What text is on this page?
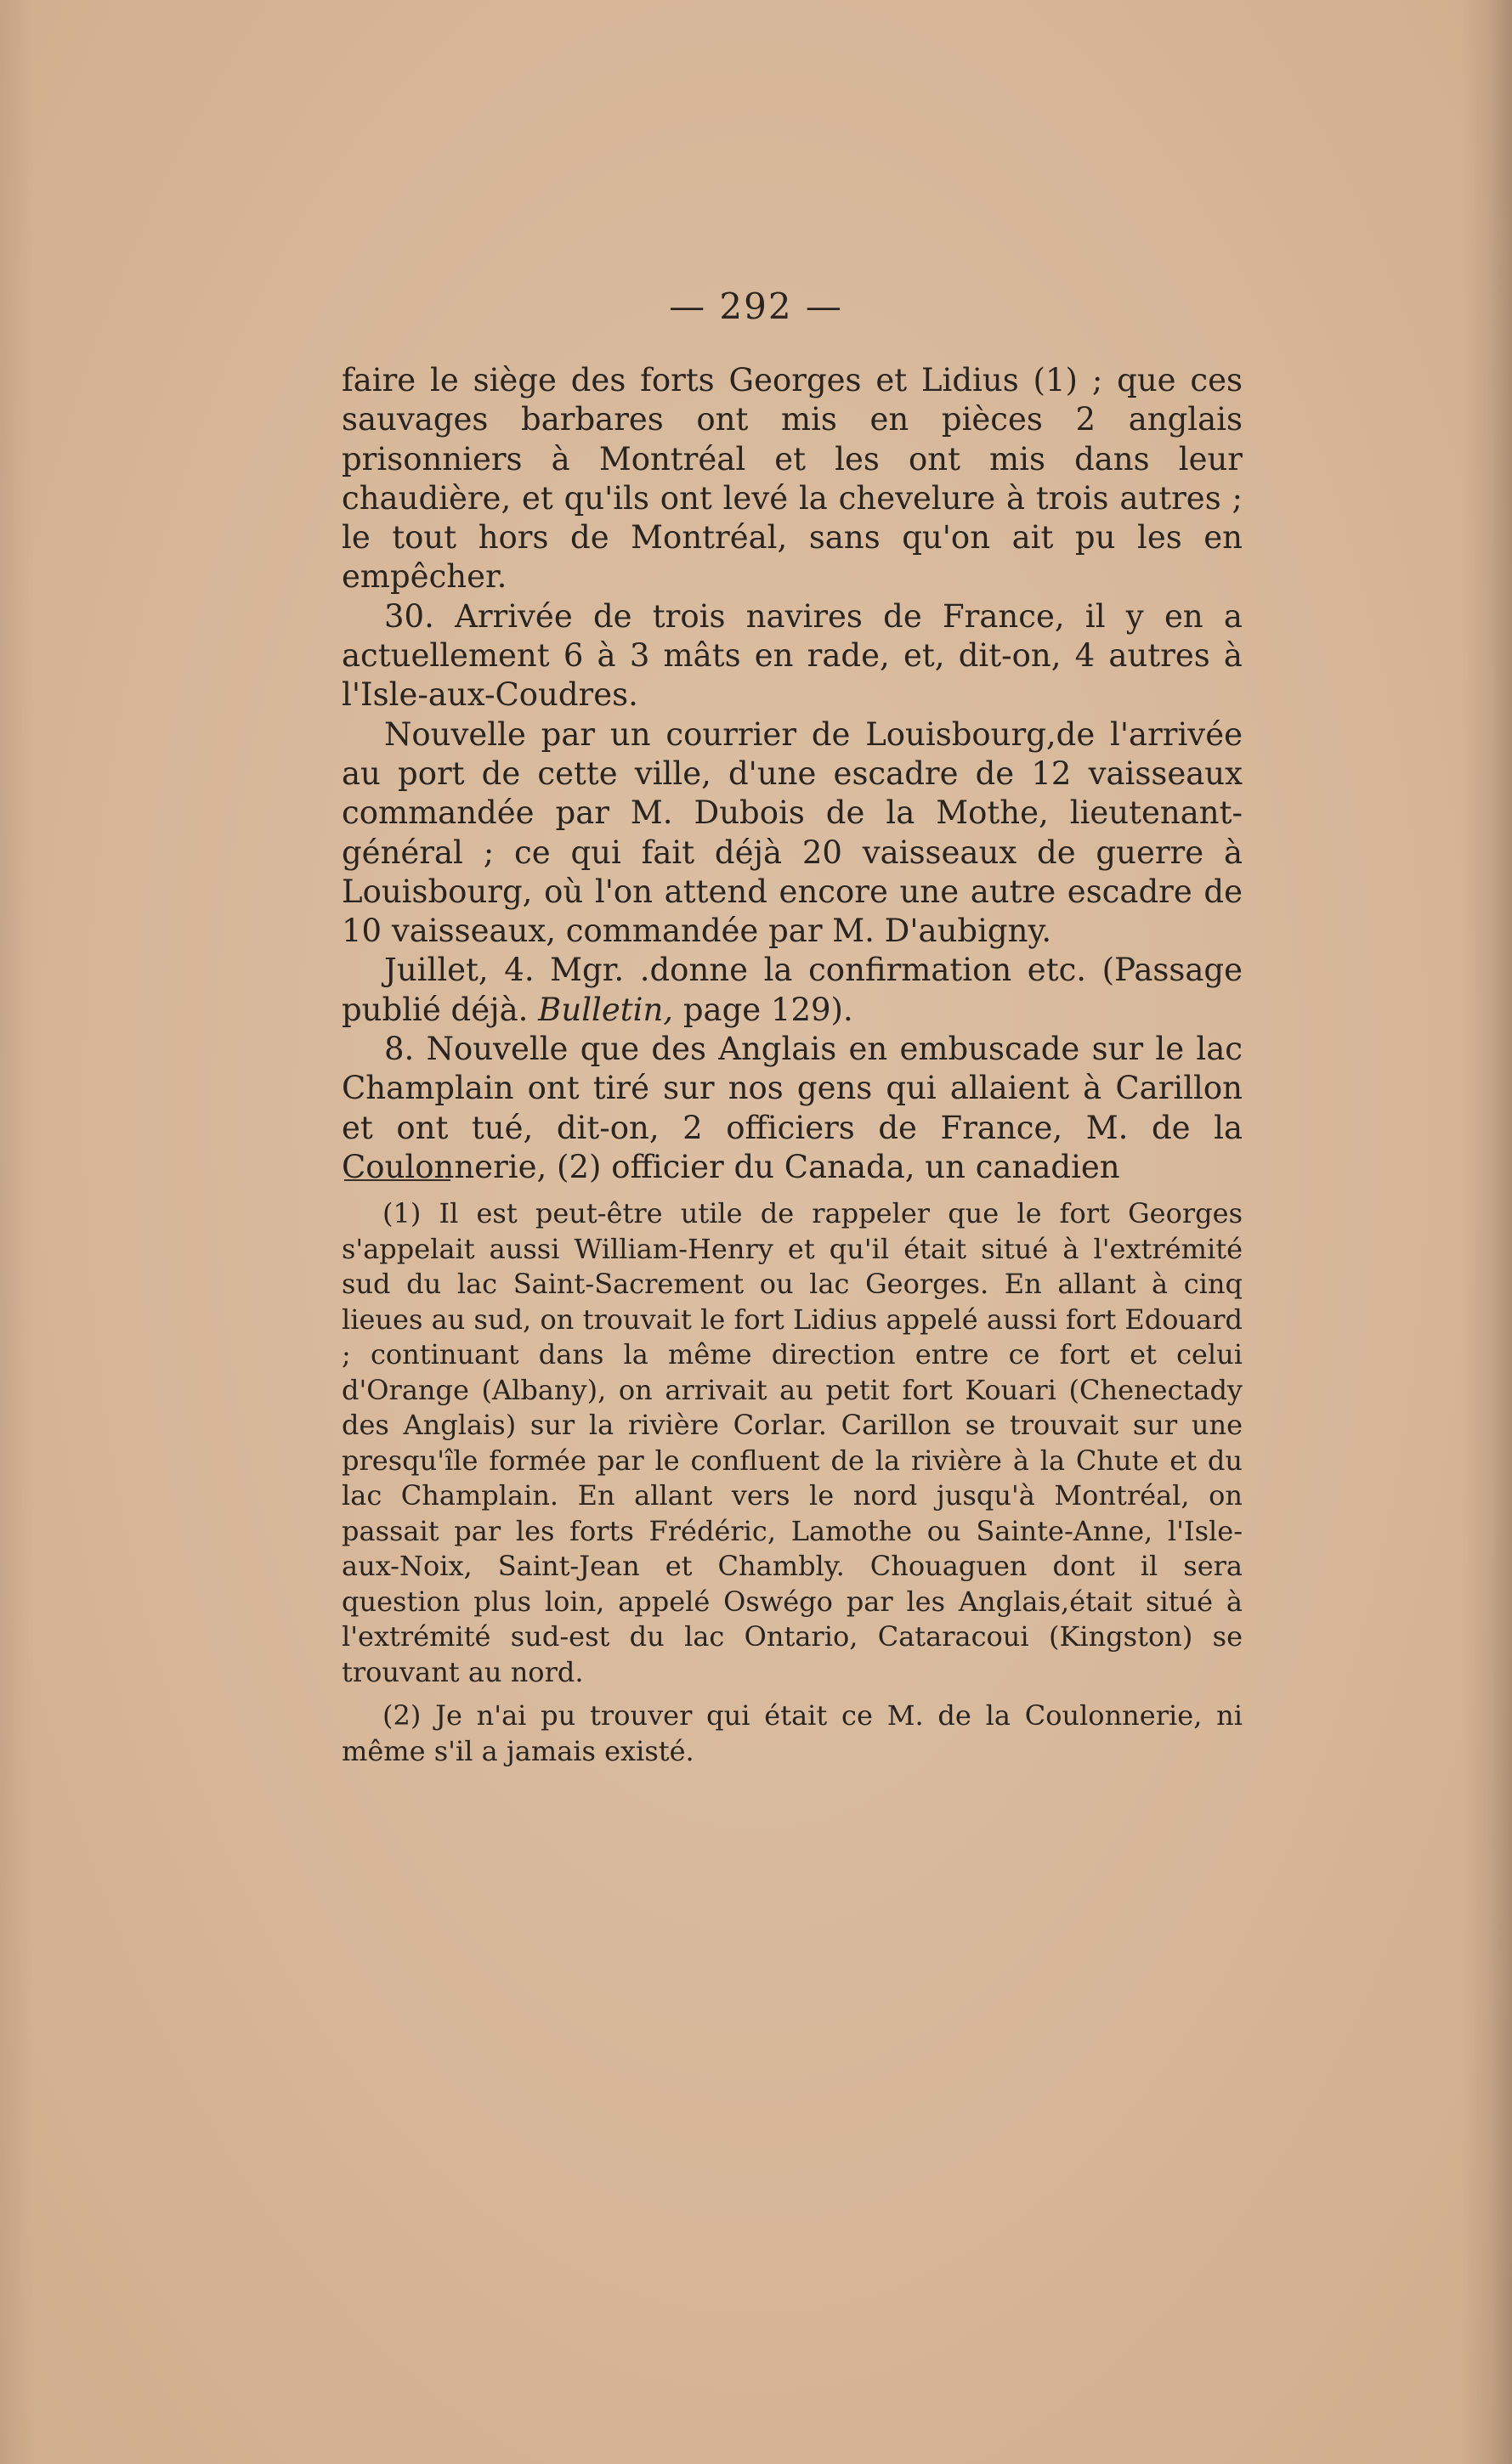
— 292 —

faire le siège des forts Georges et Lidius (1) ; que ces sauvages barbares ont mis en pièces 2 anglais prisonniers à Montréal et les ont mis dans leur chaudière, et qu'ils ont levé la chevelure à trois autres ; le tout hors de Montréal, sans qu'on ait pu les en empêcher.

30. Arrivée de trois navires de France, il y en a actuellement 6 à 3 mâts en rade, et, dit-on, 4 autres à l'Isle-aux-Coudres.

Nouvelle par un courrier de Louisbourg,de l'arrivée au port de cette ville, d'une escadre de 12 vaisseaux commandée par M. Dubois de la Mothe, lieutenant-général ; ce qui fait déjà 20 vaisseaux de guerre à Louisbourg, où l'on attend encore une autre escadre de 10 vaisseaux, commandée par M. D'aubigny.

Juillet, 4. Mgr. .donne la confirmation etc. (Passage publié déjà. Bulletin, page 129).

8. Nouvelle que des Anglais en embuscade sur le lac Champlain ont tiré sur nos gens qui allaient à Carillon et ont tué, dit-on, 2 officiers de France, M. de la Coulonnerie, (2) officier du Canada, un canadien

(1) Il est peut-être utile de rappeler que le fort Georges s'appelait aussi William-Henry et qu'il était situé à l'extrémité sud du lac Saint-Sacrement ou lac Georges. En allant à cinq lieues au sud, on trouvait le fort Lidius appelé aussi fort Edouard ; continuant dans la même direction entre ce fort et celui d'Orange (Albany), on arrivait au petit fort Kouari (Chenectady des Anglais) sur la rivière Corlar. Carillon se trouvait sur une presqu'île formée par le confluent de la rivière à la Chute et du lac Champlain. En allant vers le nord jusqu'à Montréal, on passait par les forts Frédéric, Lamothe ou Sainte-Anne, l'Isle-aux-Noix, Saint-Jean et Chambly. Chouaguen dont il sera question plus loin, appelé Oswégo par les Anglais,était situé à l'extrémité sud-est du lac Ontario, Cataracoui (Kingston) se trouvant au nord.

(2) Je n'ai pu trouver qui était ce M. de la Coulonnerie, ni même s'il a jamais existé.
